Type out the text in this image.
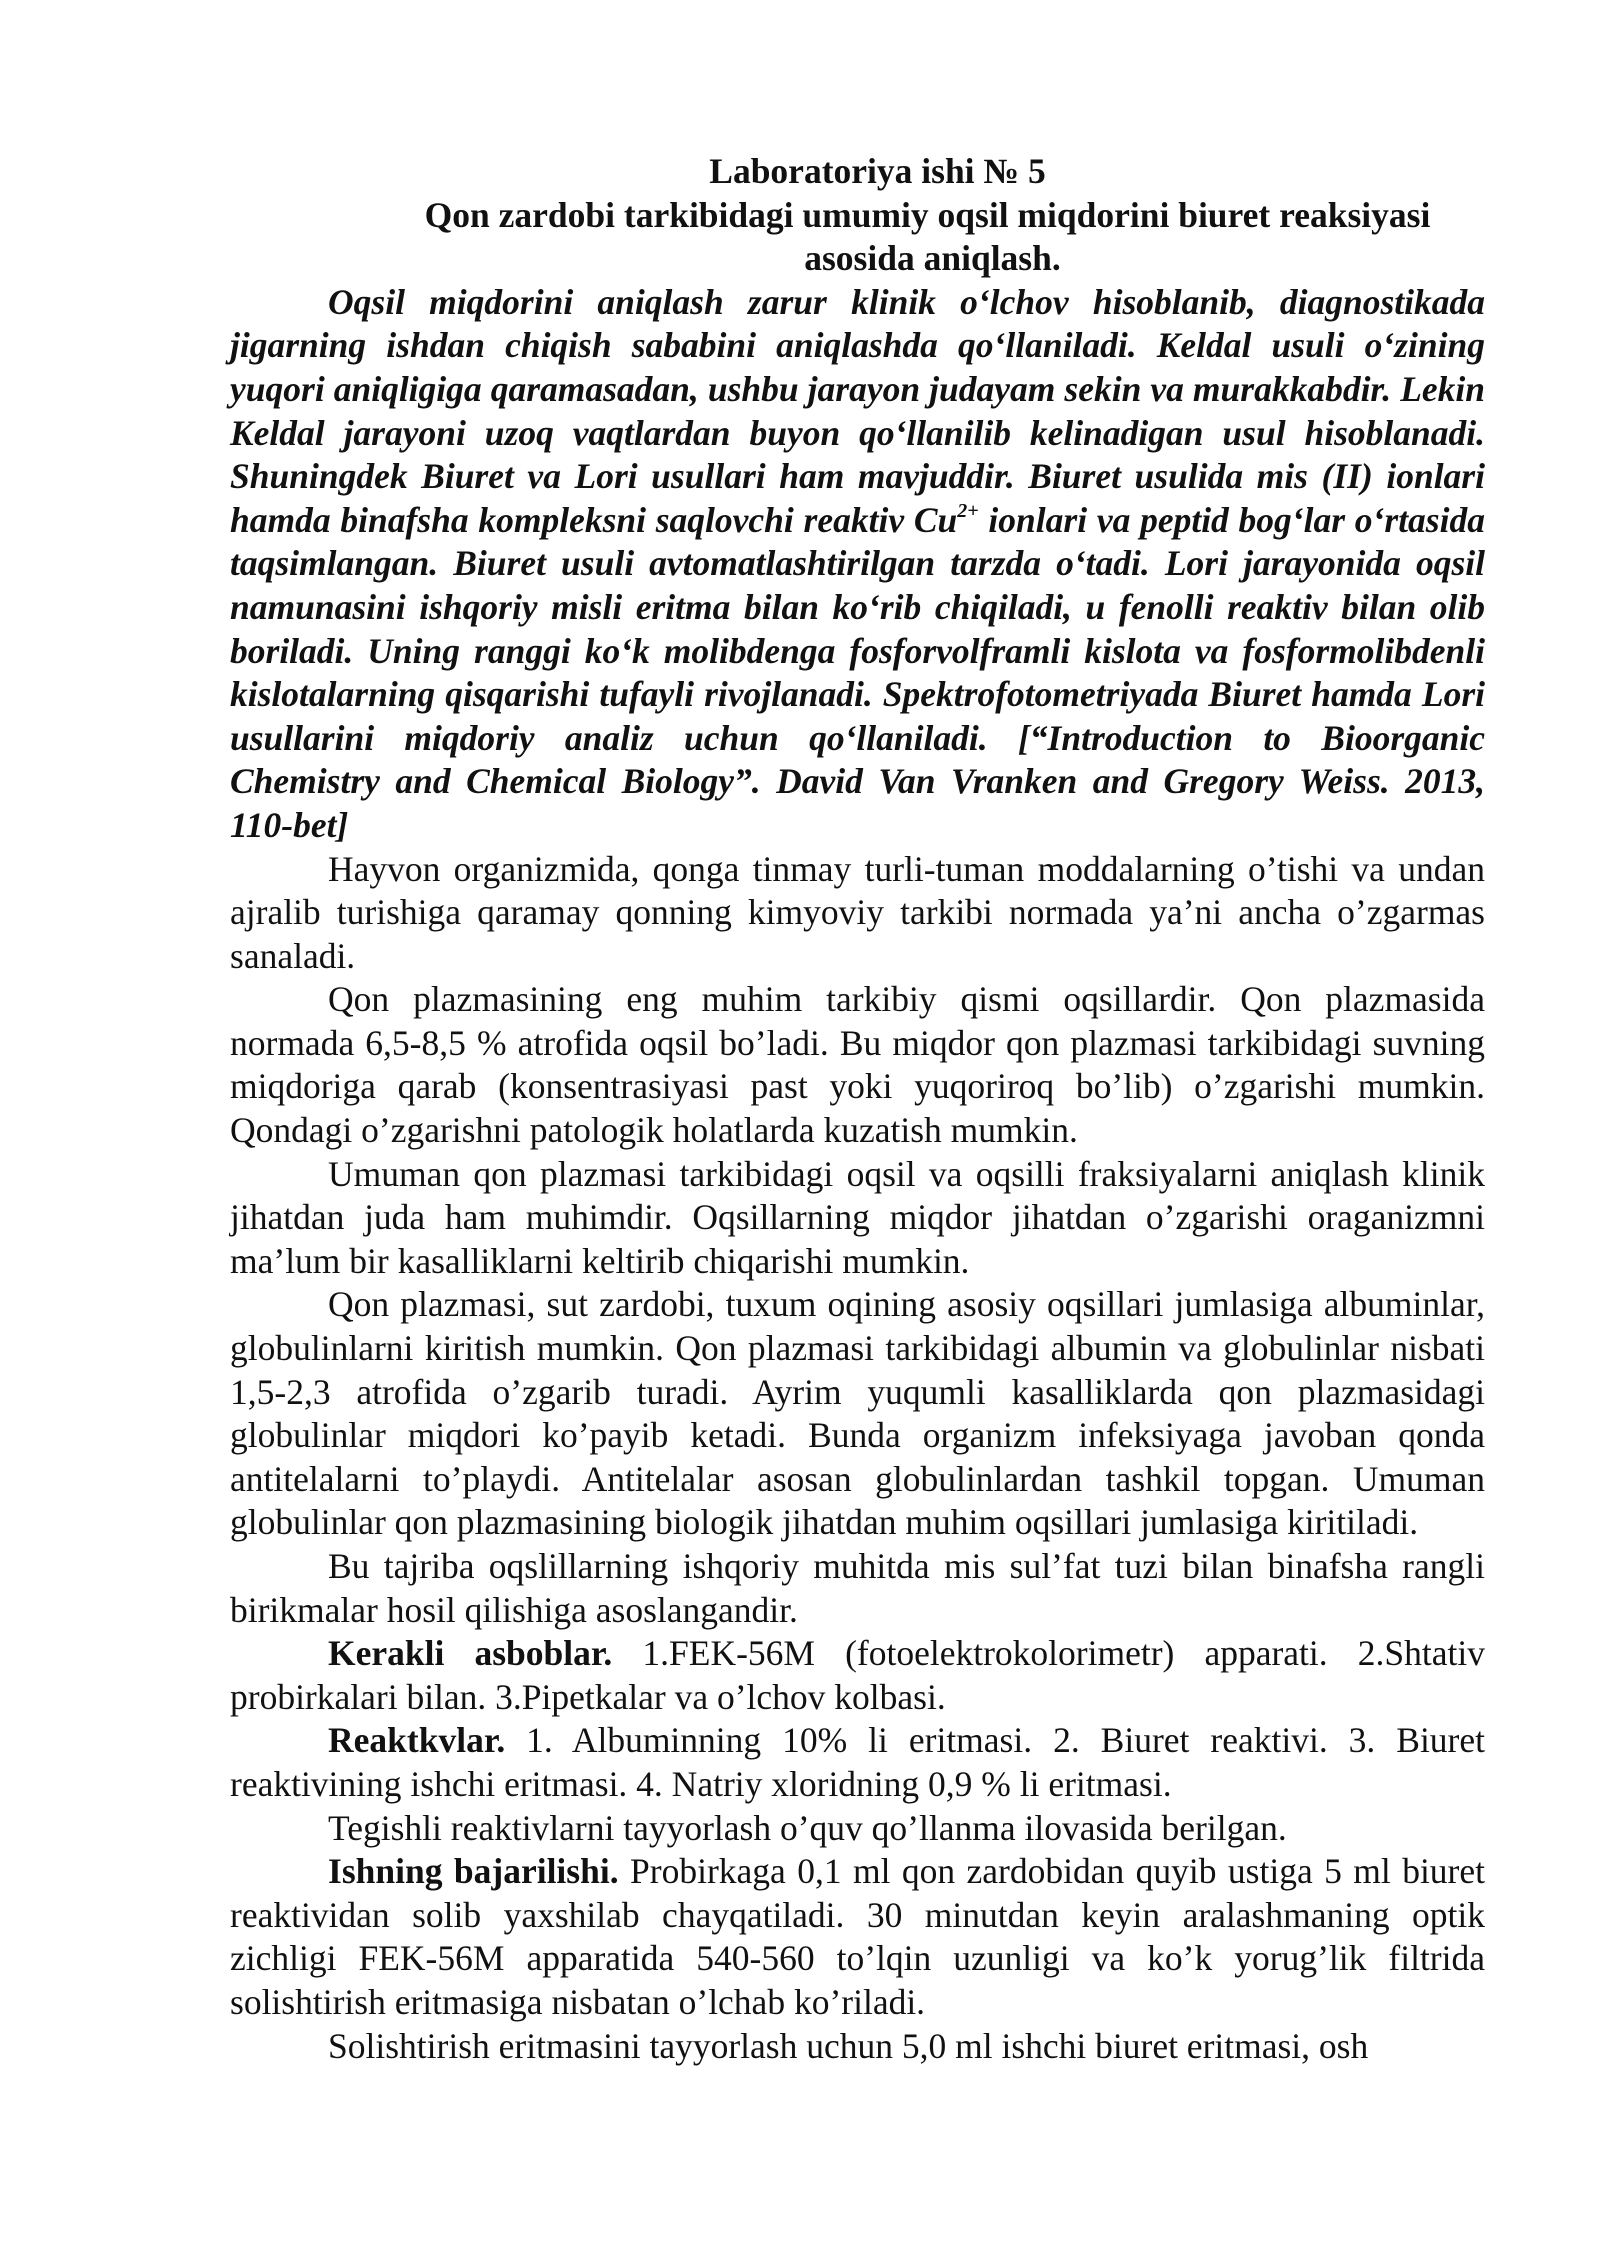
Laboratoriya ishi № 5
Qon zardobi tarkibidagi umumiy oqsil miqdorini biuret reaksiyasi
asosida aniqlash.

Oqsil miqdorini aniqlash zarur klinik o‘lchov hisoblanib, diagnostikada jigarning ishdan chiqish sababini aniqlashda qo‘llaniladi. Keldal usuli o‘zining yuqori aniqligiga qaramasadan, ushbu jarayon judayam sekin va murakkabdir. Lekin Keldal jarayoni uzoq vaqtlardan buyon qo‘llanilib kelinadigan usul hisoblanadi. Shuningdek Biuret va Lori usullari ham mavjuddir. Biuret usulida mis (II) ionlari hamda binafsha kompleksni saqlovchi reaktiv $Cu^{2+}$ ionlari va peptid bog‘lar o‘rtasida taqsimlangan. Biuret usuli avtomatlashtirilgan tarzda o‘tadi. Lori jarayonida oqsil namunasini ishqoriy misli eritma bilan ko‘rib chiqiladi, u fenolli reaktiv bilan olib boriladi. Uning ranggi ko‘k molibdenga fosforvolframli kislota va fosformolibdenli kislotalarning qisqarishi tufayli rivojlanadi. Spektrofotometriyada Biuret hamda Lori usullarini miqdoriy analiz uchun qo‘llaniladi. [“Introduction to Bioorganic Chemistry and Chemical Biology”. David Van Vranken and Gregory Weiss. 2013, 110-bet]

Hayvon organizmida, qonga tinmay turli-tuman moddalarning o’tishi va undan ajralib turishiga qaramay qonning kimyoviy tarkibi normada ya’ni ancha o’zgarmas sanaladi.

Qon plazmasining eng muhim tarkibiy qismi oqsillardir. Qon plazmasida normada 6,5-8,5 % atrofida oqsil bo’ladi. Bu miqdor qon plazmasi tarkibidagi suvning miqdoriga qarab (konsentrasiyasi past yoki yuqoriroq bo’lib) o’zgarishi mumkin. Qondagi o’zgarishni patologik holatlarda kuzatish mumkin.

Umuman qon plazmasi tarkibidagi oqsil va oqsilli fraksiyalarni aniqlash klinik jihatdan juda ham muhimdir. Oqsillarning miqdor jihatdan o’zgarishi oraganizmni ma’lum bir kasalliklarni keltirib chiqarishi mumkin.

Qon plazmasi, sut zardobi, tuxum oqining asosiy oqsillari jumlasiga albuminlar, globulinlarni kiritish mumkin. Qon plazmasi tarkibidagi albumin va globulinlar nisbati 1,5-2,3 atrofida o’zgarib turadi. Ayrim yuqumli kasalliklarda qon plazmasidagi globulinlar miqdori ko’payib ketadi. Bunda organizm infeksiyaga javoban qonda antitelalarni to’playdi. Antitelalar asosan globulinlardan tashkil topgan. Umuman globulinlar qon plazmasining biologik jihatdan muhim oqsillari jumlasiga kiritiladi.

Bu tajriba oqslillarning ishqoriy muhitda mis sul’fat tuzi bilan binafsha rangli birikmalar hosil qilishiga asoslangandir.

Kerakli asboblar. 1.FEK-56M (fotoelektrokolorimetr) apparati. 2.Shtativ probirkalari bilan. 3.Pipetkalar va o’lchov kolbasi.

Reaktkvlar. 1. Albuminning 10% li eritmasi. 2. Biuret reaktivi. 3. Biuret reaktivining ishchi eritmasi. 4. Natriy xloridning 0,9 % li eritmasi.

Tegishli reaktivlarni tayyorlash o’quv qo’llanma ilovasida berilgan.

Ishning bajarilishi. Probirkaga 0,1 ml qon zardobidan quyib ustiga 5 ml biuret reaktividan solib yaxshilab chayqatiladi. 30 minutdan keyin aralashmaning optik zichligi FEK-56M apparatida 540-560 to’lqin uzunligi va ko’k yorug’lik filtrida solishtirish eritmasiga nisbatan o’lchab ko’riladi.

Solishtirish eritmasini tayyorlash uchun 5,0 ml ishchi biuret eritmasi, osh
